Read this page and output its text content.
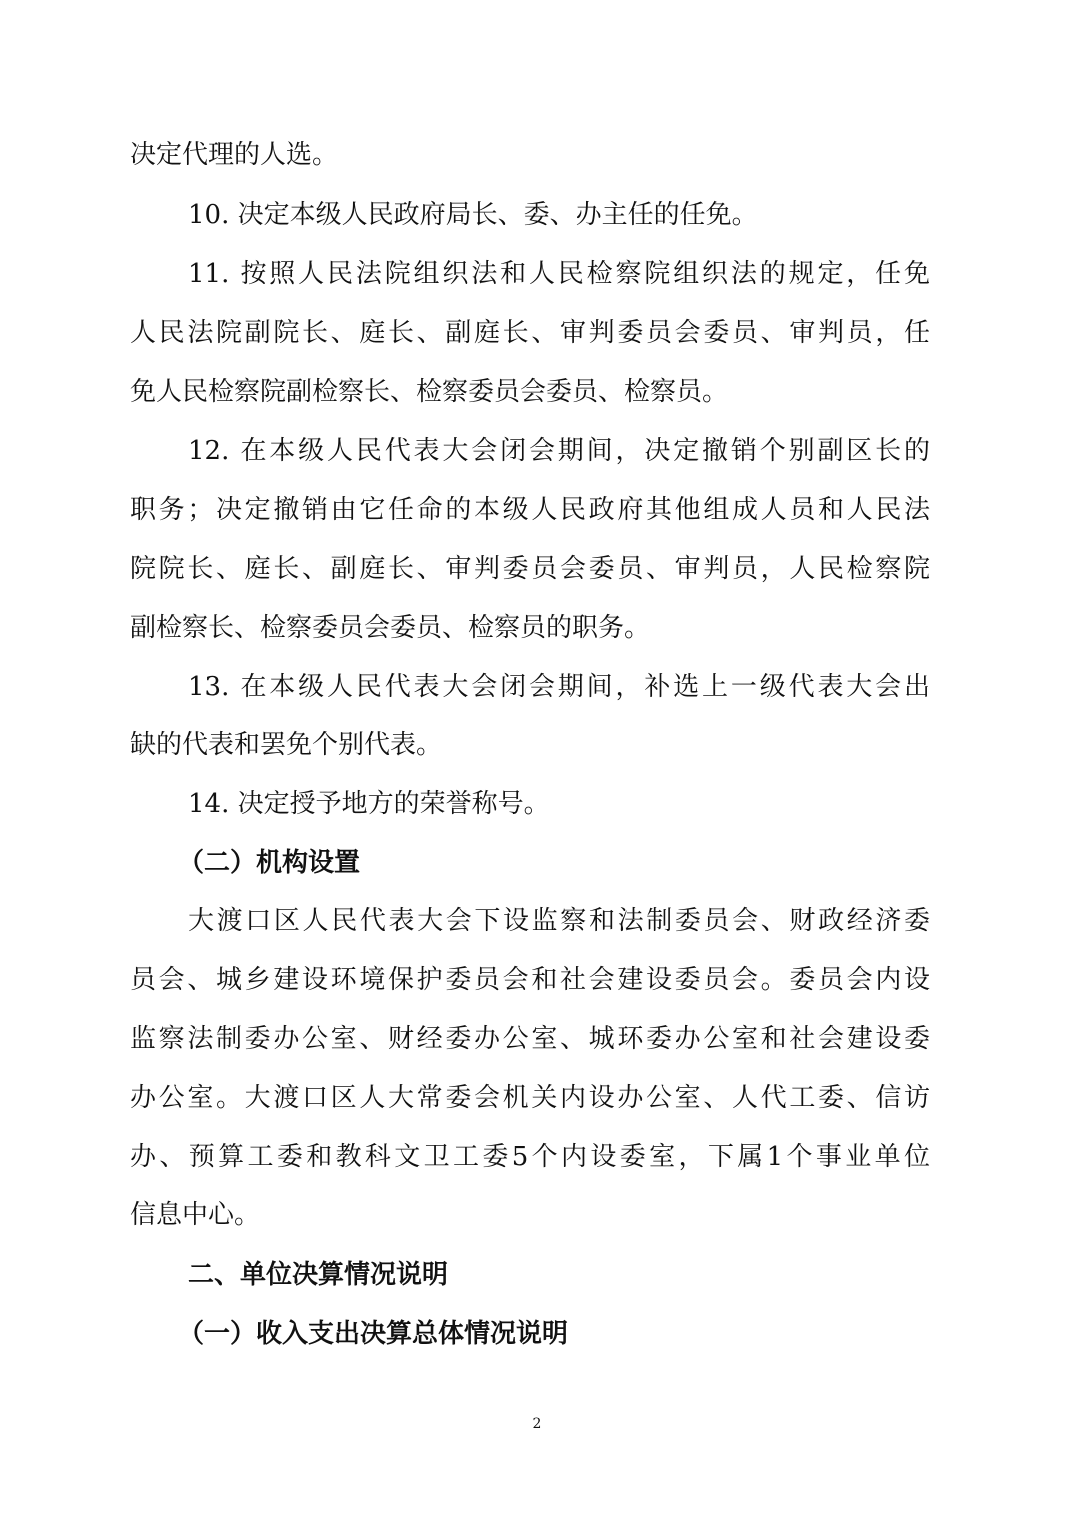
决定代理的人选。
10. 决定本级人民政府局长、委、办主任的任免。
11. 按照人民法院组织法和人民检察院组织法的规定，任免
人民法院副院长、庭长、副庭长、审判委员会委员、审判员，任
免人民检察院副检察长、检察委员会委员、检察员。
12. 在本级人民代表大会闭会期间，决定撤销个别副区长的
职务；决定撤销由它任命的本级人民政府其他组成人员和人民法
院院长、庭长、副庭长、审判委员会委员、审判员，人民检察院
副检察长、检察委员会委员、检察员的职务。
13. 在本级人民代表大会闭会期间，补选上一级代表大会出
缺的代表和罢免个别代表。
14. 决定授予地方的荣誉称号。
（二）机构设置
大渡口区人民代表大会下设监察和法制委员会、财政经济委
员会、城乡建设环境保护委员会和社会建设委员会。委员会内设
监察法制委办公室、财经委办公室、城环委办公室和社会建设委
办公室。大渡口区人大常委会机关内设办公室、人代工委、信访
办、预算工委和教科文卫工委5个内设委室，下属1个事业单位
信息中心。
二、单位决算情况说明
（一）收入支出决算总体情况说明
2
